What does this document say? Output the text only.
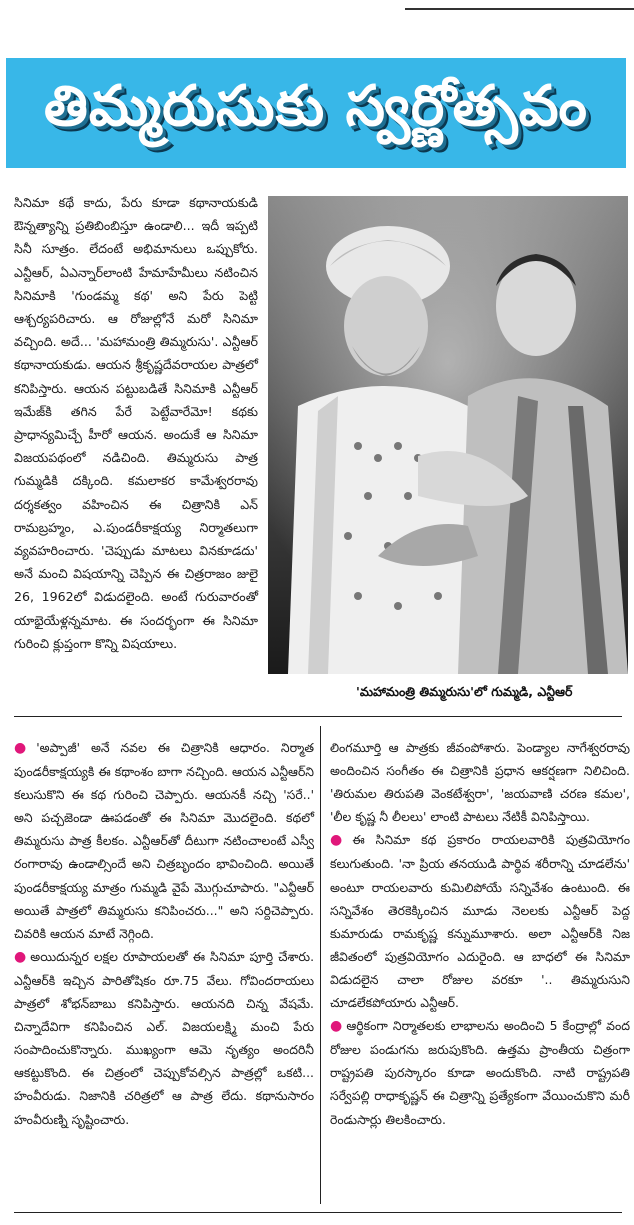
తిమ్మరుసుకు స్వర్ణోత్సవం

సినిమా కథే కాదు, పేరు కూడా కథానాయకుడి ఔన్నత్యాన్ని ప్రతిబింబిస్తూ ఉండాలి... ఇదీ ఇప్పటి సినీ సూత్రం. లేదంటే అభిమానులు ఒప్పుకోరు. ఎన్టీఆర్, ఏఎన్నార్‌లాంటి హేమాహేమీలు నటించిన సినిమాకి 'గుండమ్మ కథ' అని పేరు పెట్టి ఆశ్చర్యపరిచారు. ఆ రోజుల్లోనే మరో సినిమా వచ్చింది. అదే... 'మహామంత్రి తిమ్మరుసు'. ఎన్టీఆర్ కథానాయకుడు. ఆయన శ్రీకృష్ణదేవరాయల పాత్రలో కనిపిస్తారు. ఆయన పట్టుబడితే సినిమాకి ఎన్టీఆర్ ఇమేజ్‌కి తగిన పేరే పెట్టేవారేమో! కథకు ప్రాధాన్యమిచ్చే హీరో ఆయన. అందుకే ఆ సినిమా విజయపథంలో నడిచింది. తిమ్మరుసు పాత్ర గుమ్మడికి దక్కింది. కమలాకర కామేశ్వరరావు దర్శకత్వం వహించిన ఈ చిత్రానికి ఎన్ రామబ్రహ్మం, ఎ.పుండరీకాక్షయ్య నిర్మాతలుగా వ్యవహరించారు. 'చెప్పుడు మాటలు వినకూడదు' అనే మంచి విషయాన్ని చెప్పిన ఈ చిత్రరాజం జులై 26, 1962లో విడుదలైంది. అంటే గురువారంతో యాభైయేళ్లన్నమాట. ఈ సందర్భంగా ఈ సినిమా గురించి క్లుప్తంగా కొన్ని విషయాలు.

'మహామంత్రి తిమ్మరుసు'లో గుమ్మడి, ఎన్టీఆర్

● 'అప్పాజీ' అనే నవల ఈ చిత్రానికి ఆధారం. నిర్మాత పుండరీకాక్షయ్యకి ఈ కథాంశం బాగా నచ్చింది. ఆయన ఎన్టీఆర్‌ని కలుసుకొని ఈ కథ గురించి చెప్పారు. ఆయనకీ నచ్చి 'సరే..' అని పచ్చజెండా ఊపడంతో ఈ సినిమా మొదలైంది. కథలో తిమ్మరుసు పాత్ర కీలకం. ఎన్టీఆర్‌తో దీటుగా నటించాలంటే ఎస్వీ రంగారావు ఉండాల్సిందే అని చిత్రబృందం భావించింది. అయితే పుండరీకాక్షయ్య మాత్రం గుమ్మడి వైపే మొగ్గుచూపారు. "ఎన్టీఆర్ అయితే పాత్రలో తిమ్మరుసు కనిపించరు..." అని సర్దిచెప్పారు. చివరికి ఆయన మాటే నెగ్గింది.

● అయిదున్నర లక్షల రూపాయలతో ఈ సినిమా పూర్తి చేశారు. ఎన్టీఆర్‌కి ఇచ్చిన పారితోషికం రూ.75 వేలు. గోవిందరాయలు పాత్రలో శోభన్‌బాబు కనిపిస్తారు. ఆయనది చిన్న వేషమే. చిన్నాదేవిగా కనిపించిన ఎల్. విజయలక్ష్మి మంచి పేరు సంపాదించుకొన్నారు. ముఖ్యంగా ఆమె నృత్యం అందరినీ ఆకట్టుకొంది. ఈ చిత్రంలో చెప్పుకోవల్సిన పాత్రల్లో ఒకటి... హంవీరుడు. నిజానికి చరిత్రలో ఆ పాత్ర లేదు. కథానుసారం హంవీరుణ్ని సృష్టించారు.

లింగమూర్తి ఆ పాత్రకు జీవంపోశారు. పెండ్యాల నాగేశ్వరరావు అందించిన సంగీతం ఈ చిత్రానికి ప్రధాన ఆకర్షణగా నిలిచింది. 'తిరుమల తిరుపతి వెంకటేశ్వరా', 'జయవాణి చరణ కమల', 'లీల కృష్ణ నీ లీలలు' లాంటి పాటలు నేటికీ వినిపిస్తాయి.

● ఈ సినిమా కథ ప్రకారం రాయలవారికి పుత్రవియోగం కలుగుతుంది. 'నా ప్రియ తనయుడి పార్థివ శరీరాన్ని చూడలేను' అంటూ రాయలవారు కుమిలిపోయే సన్నివేశం ఉంటుంది. ఈ సన్నివేశం తెరకెక్కించిన మూడు నెలలకు ఎన్టీఆర్ పెద్ద కుమారుడు రామకృష్ణ కన్నుమూశారు. అలా ఎన్టీఆర్‌కి నిజ జీవితంలో పుత్రవియోగం ఎదురైంది. ఆ బాధలో ఈ సినిమా విడుదలైన చాలా రోజుల వరకూ '.. తిమ్మరుసుని చూడలేకపోయారు ఎన్టీఆర్.

● ఆర్థికంగా నిర్మాతలకు లాభాలను అందించి 5 కేంద్రాల్లో వంద రోజుల పండుగను జరుపుకొంది. ఉత్తమ ప్రాంతీయ చిత్రంగా రాష్ట్రపతి పురస్కారం కూడా అందుకొంది. నాటి రాష్ట్రపతి సర్వేపల్లి రాధాకృష్ణన్ ఈ చిత్రాన్ని ప్రత్యేకంగా వేయించుకొని మరీ రెండుసార్లు తిలకించారు.
